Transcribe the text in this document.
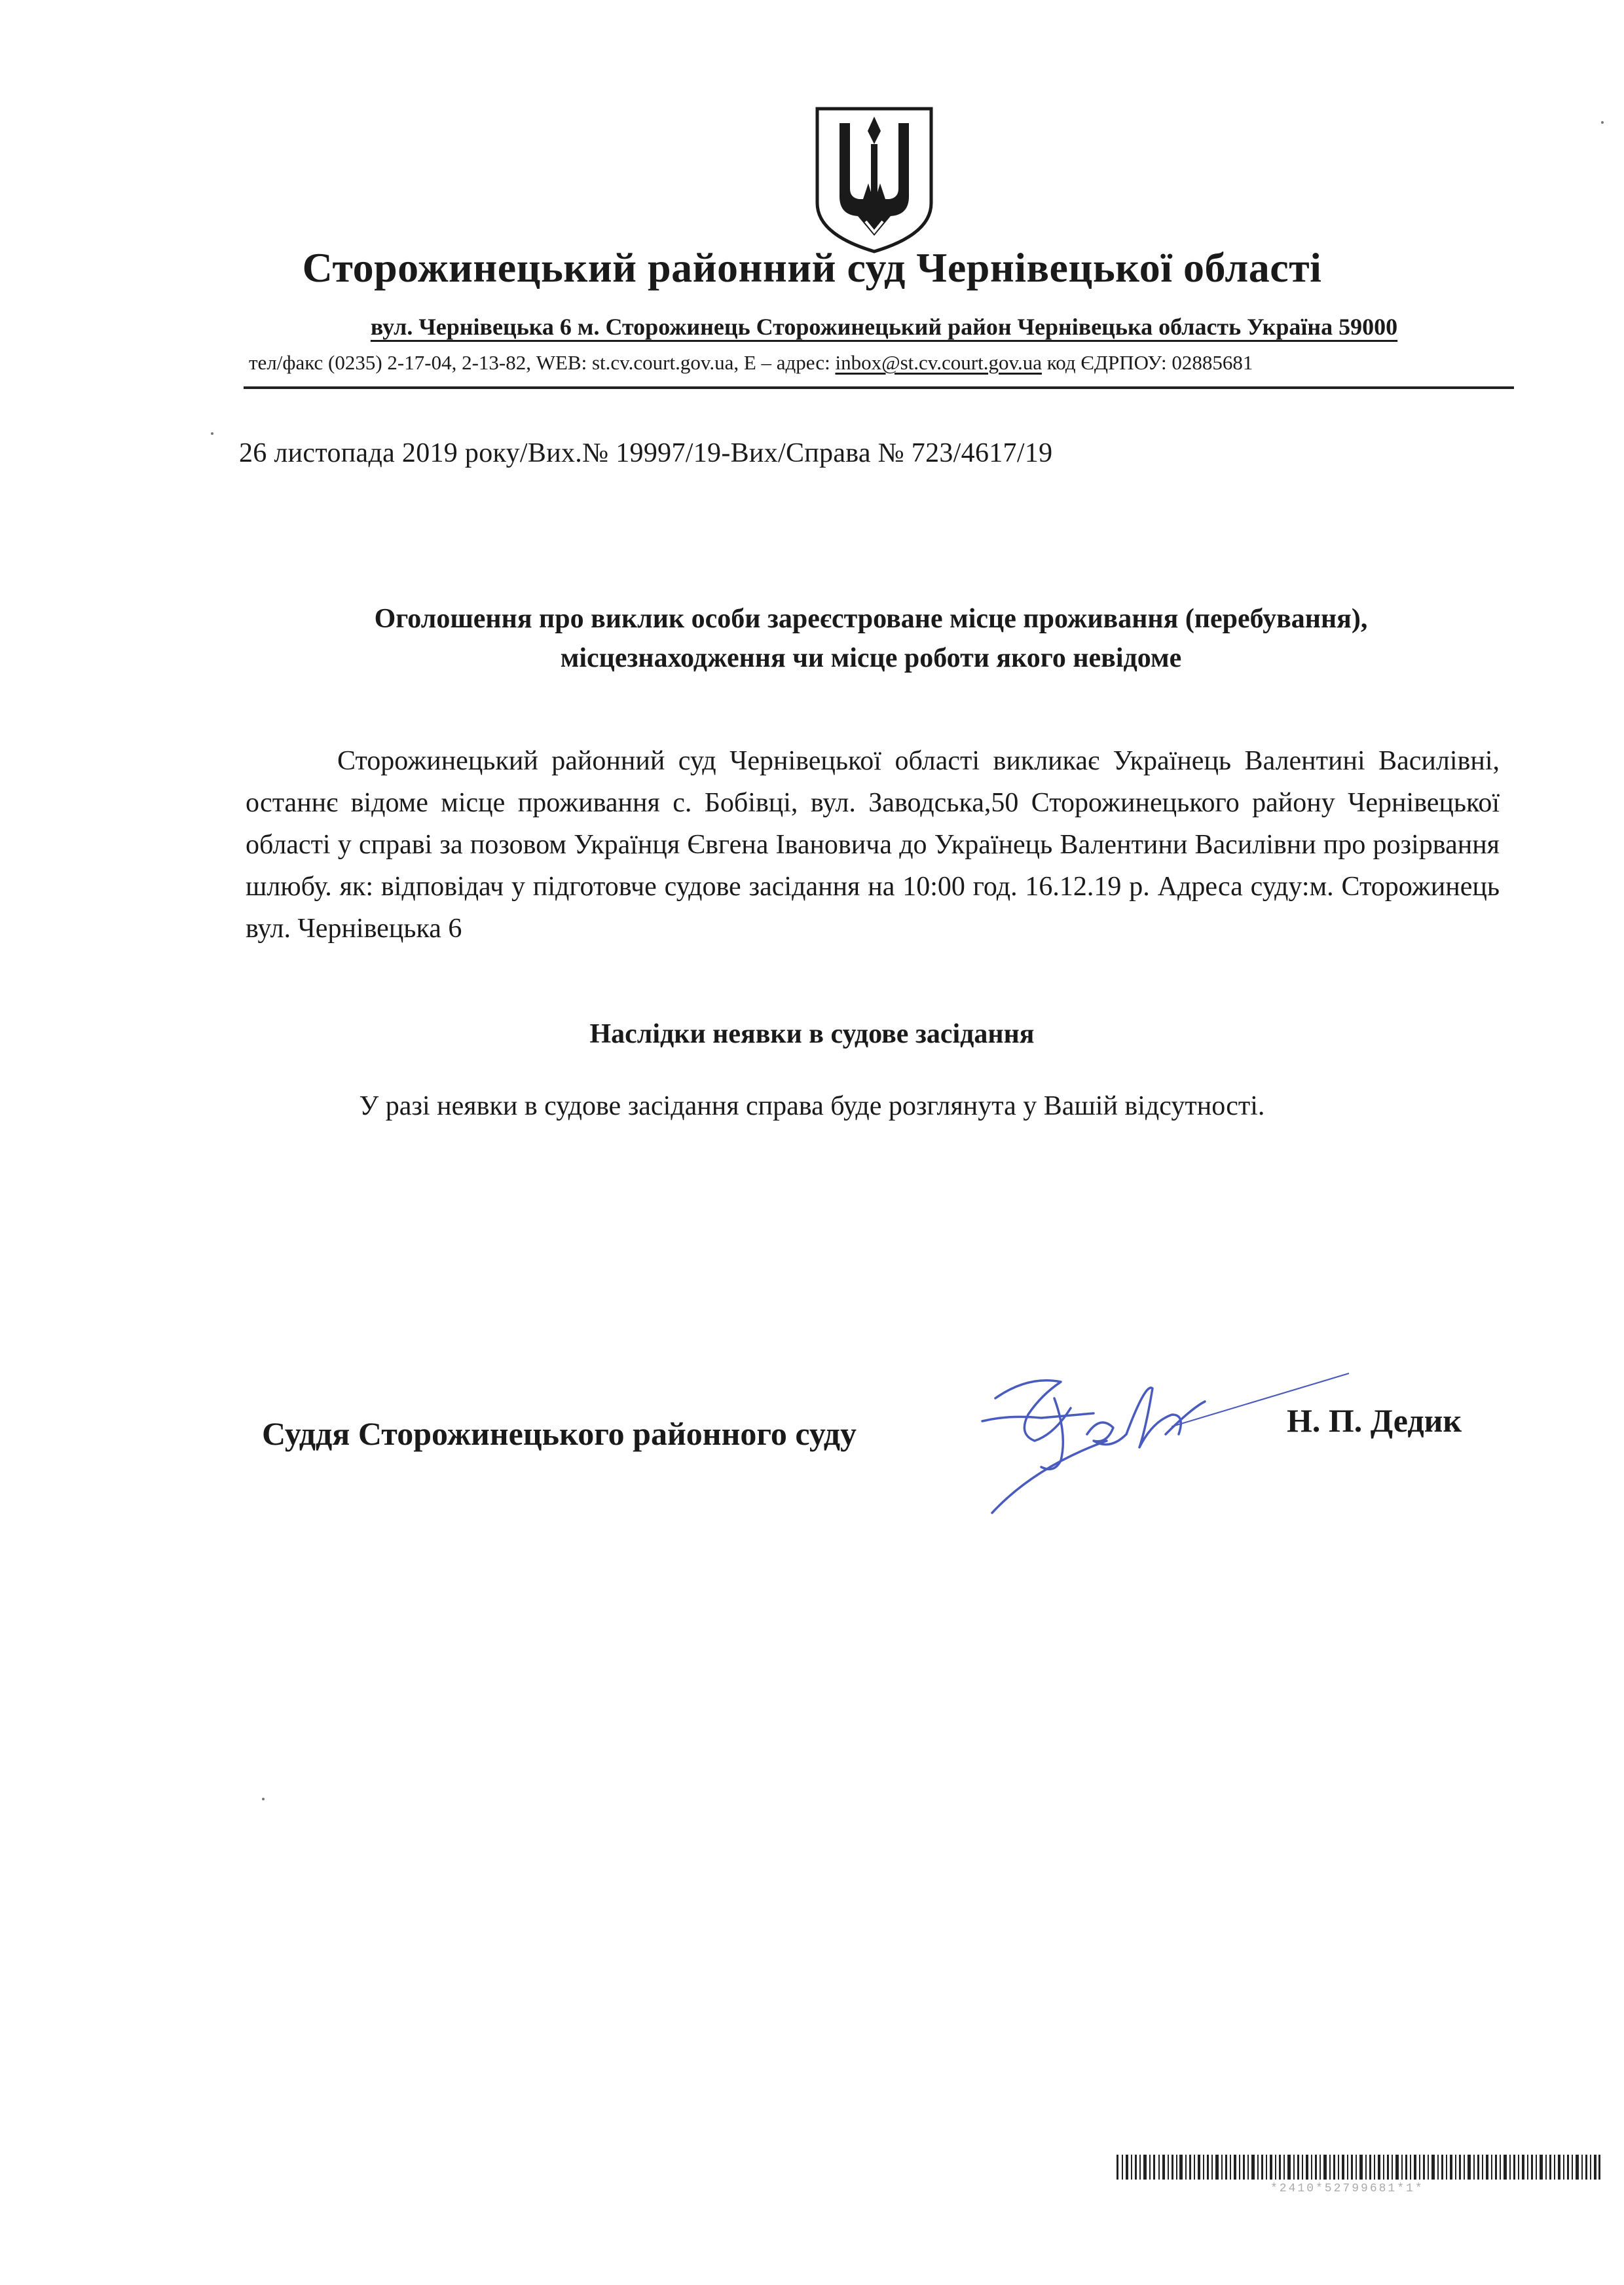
Сторожинецький районний суд Чернівецької області
вул. Чернівецька 6 м. Сторожинець Сторожинецький район Чернівецька область Україна 59000
тел/факс (0235) 2-17-04, 2-13-82, WEB: st.cv.court.gov.ua, E – адрес: inbox@st.cv.court.gov.ua код ЄДРПОУ: 02885681
26 листопада 2019 року/Вих.№ 19997/19-Вих/Справа № 723/4617/19
Оголошення про виклик особи зареєстроване місце проживання (перебування),
місцезнаходження чи місце роботи якого невідоме
Сторожинецький районний суд Чернівецької області викликає Українець Валентині Василівні, останнє відоме місце проживання с. Бобівці, вул. Заводська,50 Сторожинецького району Чернівецької області у справі за позовом Українця Євгена Івановича до Українець Валентини Василівни про розірвання шлюбу. як: відповідач у підготовче судове засідання на 10:00 год. 16.12.19 р. Адреса суду:м. Сторожинець вул. Чернівецька 6
Наслідки неявки в судове засідання
У разі неявки в судове засідання справа буде розглянута у Вашій відсутності.
Суддя Сторожинецького районного суду	Н. П. Дедик
*2410*52799681*1*
